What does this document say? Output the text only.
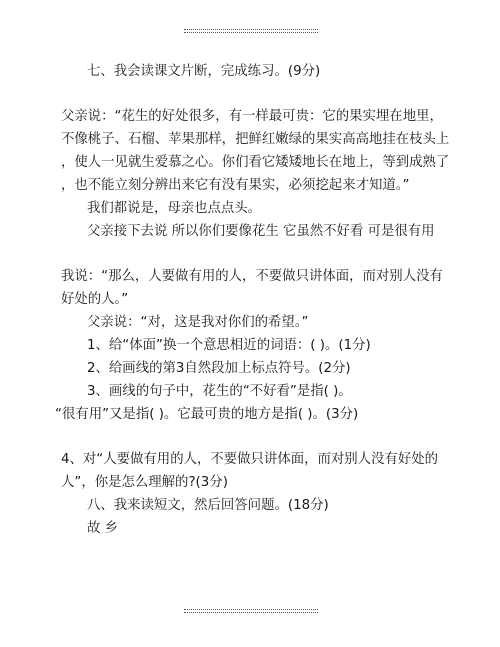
七、我会读课文片断，完成练习。(9分)
父亲说：“花生的好处很多，有一样最可贵：它的果实埋在地里，
不像桃子、石榴、苹果那样，把鲜红嫩绿的果实高高地挂在枝头上
，使人一见就生爱慕之心。你们看它矮矮地长在地上，等到成熟了
，也不能立刻分辨出来它有没有果实，必须挖起来才知道。”
我们都说是，母亲也点点头。
父亲接下去说 所以你们要像花生 它虽然不好看 可是很有用
我说：“那么，人要做有用的人，不要做只讲体面，而对别人没有
好处的人。”
父亲说：“对，这是我对你们的希望。”
1、给“体面”换一个意思相近的词语：( )。(1分)
2、给画线的第3自然段加上标点符号。(2分)
3、画线的句子中，花生的“不好看”是指( )。
“很有用”又是指( )。它最可贵的地方是指( )。(3分)
4、对“人要做有用的人，不要做只讲体面，而对别人没有好处的
人”，你是怎么理解的?(3分)
八、我来读短文，然后回答问题。(18分)
故 乡
